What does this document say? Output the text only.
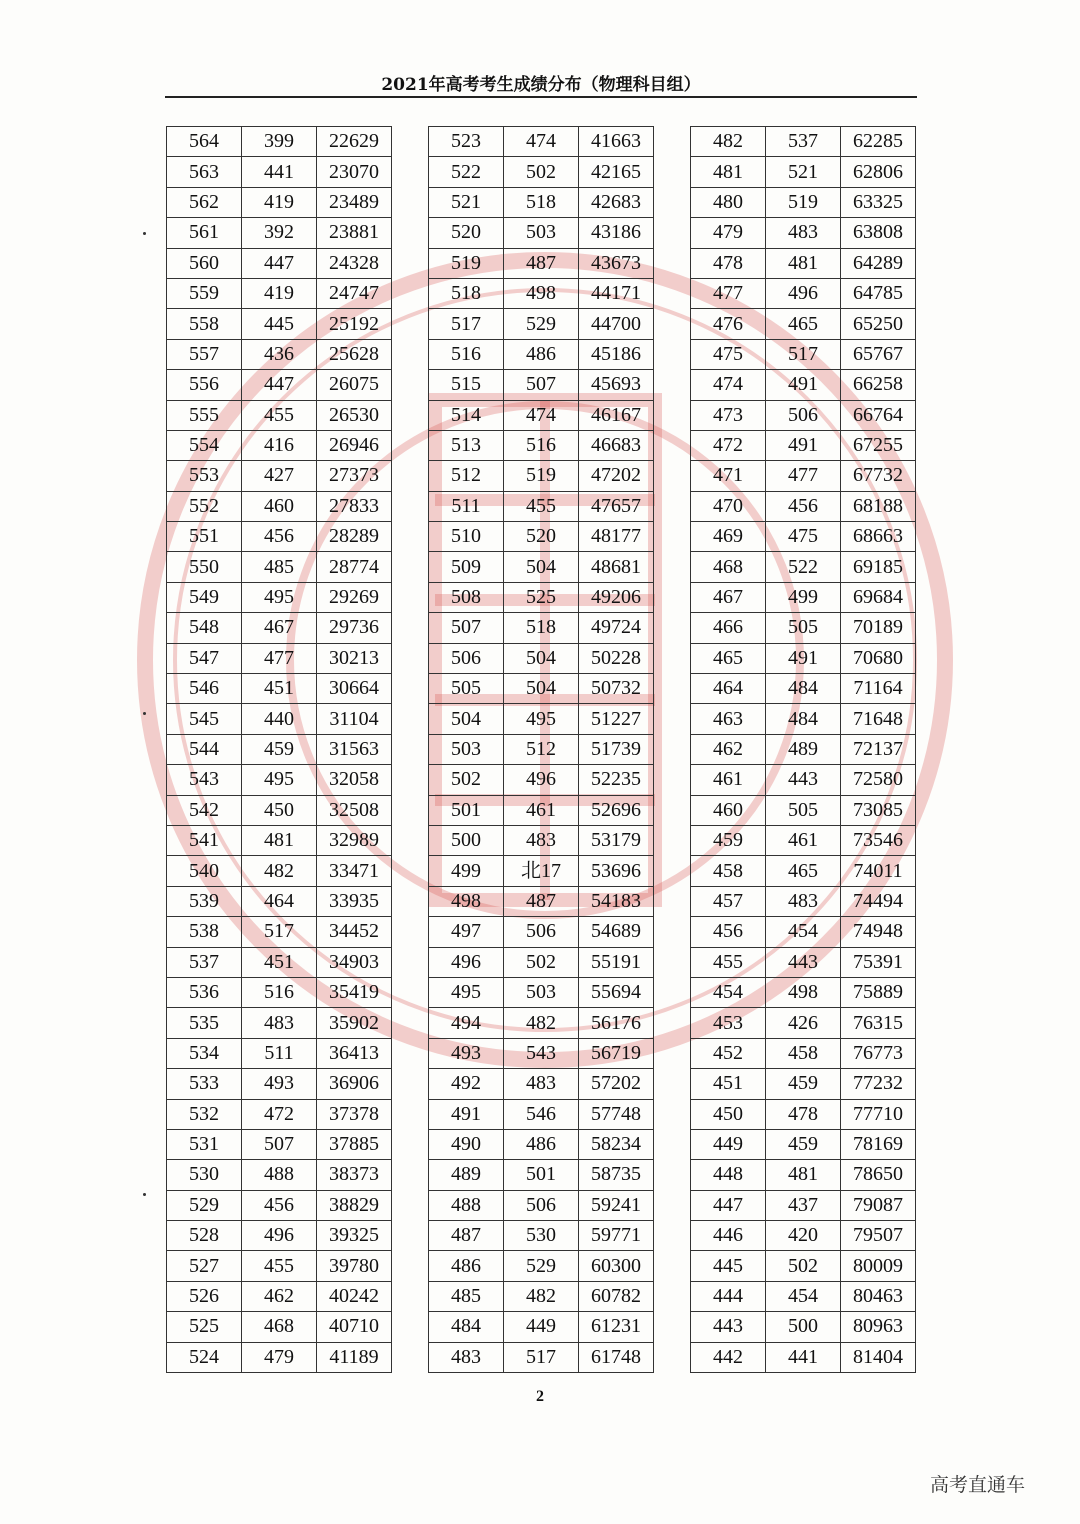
2021年高考考生成绩分布（物理科目组）
564	399	22629
563	441	23070
562	419	23489
561	392	23881
560	447	24328
559	419	24747
558	445	25192
557	436	25628
556	447	26075
555	455	26530
554	416	26946
553	427	27373
552	460	27833
551	456	28289
550	485	28774
549	495	29269
548	467	29736
547	477	30213
546	451	30664
545	440	31104
544	459	31563
543	495	32058
542	450	32508
541	481	32989
540	482	33471
539	464	33935
538	517	34452
537	451	34903
536	516	35419
535	483	35902
534	511	36413
533	493	36906
532	472	37378
531	507	37885
530	488	38373
529	456	38829
528	496	39325
527	455	39780
526	462	40242
525	468	40710
524	479	41189
523	474	41663
522	502	42165
521	518	42683
520	503	43186
519	487	43673
518	498	44171
517	529	44700
516	486	45186
515	507	45693
514	474	46167
513	516	46683
512	519	47202
511	455	47657
510	520	48177
509	504	48681
508	525	49206
507	518	49724
506	504	50228
505	504	50732
504	495	51227
503	512	51739
502	496	52235
501	461	52696
500	483	53179
499	北17	53696
498	487	54183
497	506	54689
496	502	55191
495	503	55694
494	482	56176
493	543	56719
492	483	57202
491	546	57748
490	486	58234
489	501	58735
488	506	59241
487	530	59771
486	529	60300
485	482	60782
484	449	61231
483	517	61748
482	537	62285
481	521	62806
480	519	63325
479	483	63808
478	481	64289
477	496	64785
476	465	65250
475	517	65767
474	491	66258
473	506	66764
472	491	67255
471	477	67732
470	456	68188
469	475	68663
468	522	69185
467	499	69684
466	505	70189
465	491	70680
464	484	71164
463	484	71648
462	489	72137
461	443	72580
460	505	73085
459	461	73546
458	465	74011
457	483	74494
456	454	74948
455	443	75391
454	498	75889
453	426	76315
452	458	76773
451	459	77232
450	478	77710
449	459	78169
448	481	78650
447	437	79087
446	420	79507
445	502	80009
444	454	80463
443	500	80963
442	441	81404
2
高考直通车
